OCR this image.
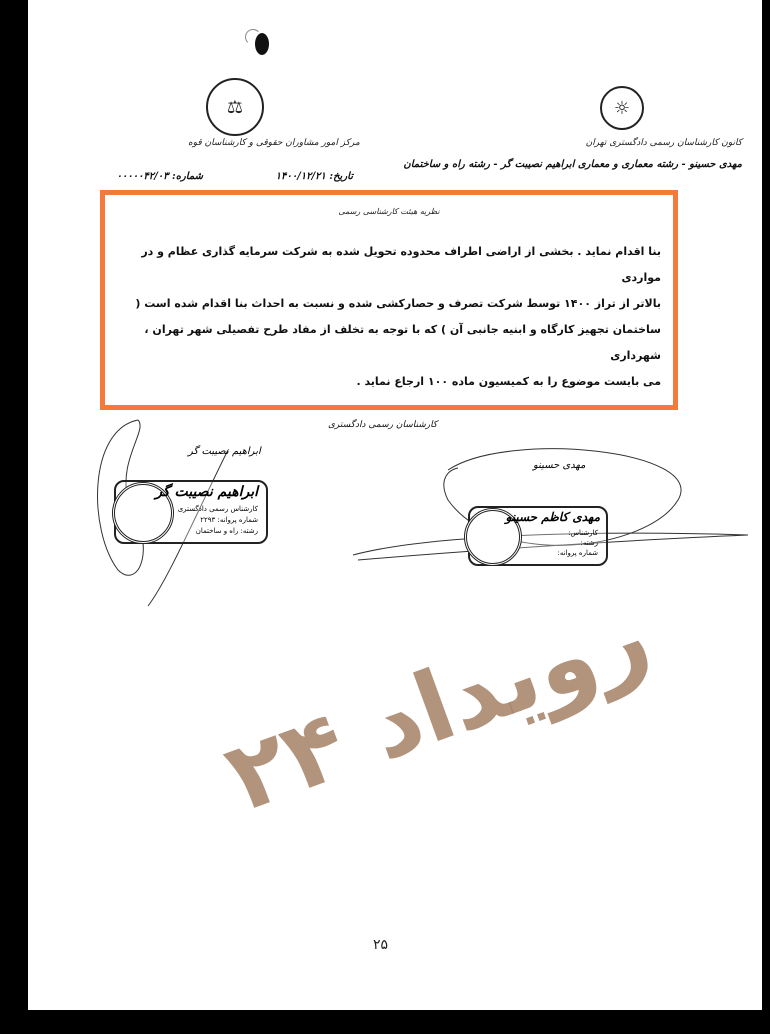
⚖
مرکز امور مشاوران حقوقی و کارشناسان قوه
☼
کانون کارشناسان رسمی دادگستری تهران
مهدی حسینو - رشته معماری و معماری ابراهیم نصیبت گر - رشته راه و ساختمان
تاریخ: ۱۴۰۰/۱۲/۲۱
شماره: ۰۰۰۰۰۴۲/۰۳
نظریه هیئت کارشناسی رسمی

بنا اقدام نماید . بخشی از اراضی اطراف محدوده تحویل شده به شرکت سرمایه گذاری عظام و در مواردی

بالاتر از تراز ۱۴۰۰ توسط شرکت تصرف و حصارکشی شده و نسبت به احداث بنا اقدام شده است (

ساختمان تجهیز کارگاه و ابنیه جانبی آن ) که با توجه به تخلف از مفاد طرح تفصیلی شهر تهران ، شهرداری

می بایست موضوع را به کمیسیون ماده ۱۰۰ ارجاع نماید .

کارشناسان رسمی دادگستری
ابراهیم نصیبت گر
ابراهیم نصیبت گر
کارشناس رسمی دادگستری
شماره پروانه: ۲۲۹۳
رشته: راه و ساختمان
مهدی حسینو
مهدی کاظم حسینو
کارشناس:
رشته:
شماره پروانه:
رویداد ۲۴
۲۵
